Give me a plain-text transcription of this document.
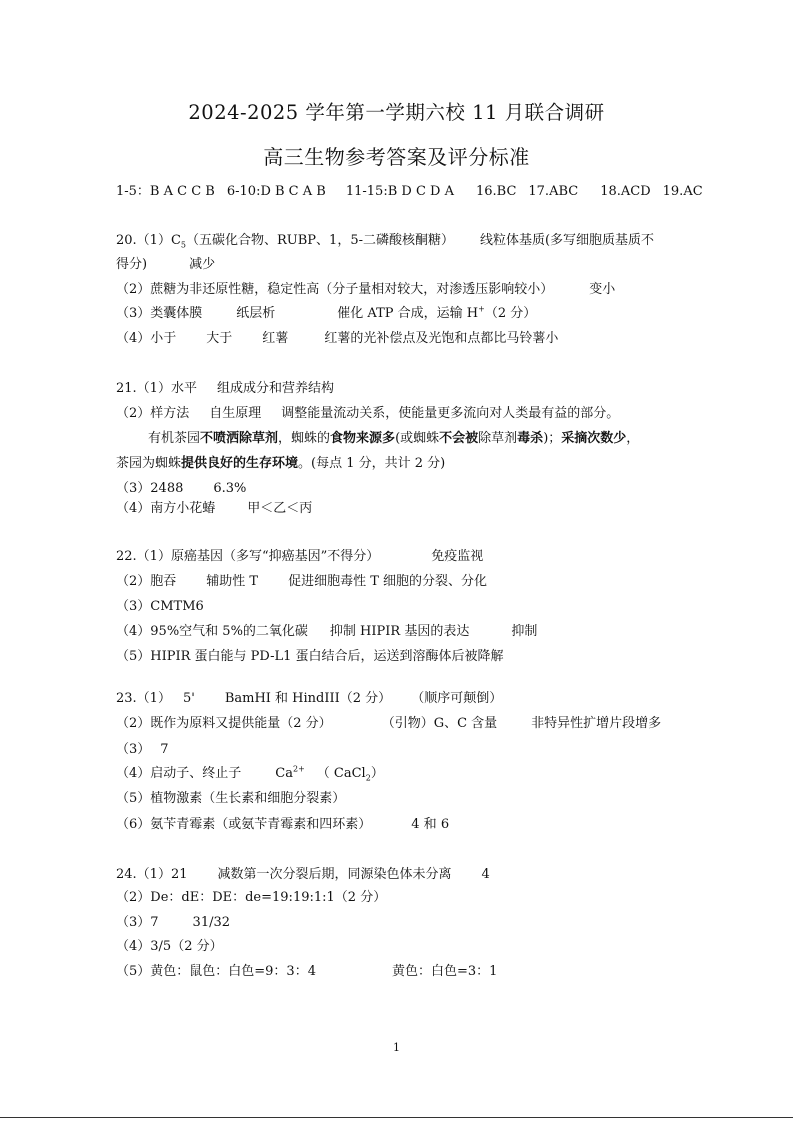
2024-2025 学年第一学期六校 11 月联合调研
高三生物参考答案及评分标准
1-5：B A C C B 6-10:D B C A B 11-15:B D C D A 16.BC 17.ABC 18.ACD 19.AC
$20.(1)C_5$（五碳化合物、RUBP、1，5-二磷酸核酮糖） 线粒体基质(多写细胞质基质不
得分)	减少
（2）蔗糖为非还原性糖，稳定性高（分子量相对较大，对渗透压影响较小）	变小
（3）类囊体膜	纸层析	催化 ATP 合成，运输 H+（2 分）
（4）小于 大于 红薯	红薯的光补偿点及光饱和点都比马铃薯小
21.（1）水平 组成成分和营养结构
（2）样方法 自生原理 调整能量流动关系，使能量更多流向对人类最有益的部分。
有机茶园不喷洒除草剂，蜘蛛的食物来源多(或蜘蛛不会被除草剂毒杀)；采摘次数少，
茶园为蜘蛛提供良好的生存环境。(每点 1 分，共计 2 分)
（3）2488 6.3%
（4）南方小花蝽 甲＜乙＜丙
22.（1）原癌基因（多写“抑癌基因”不得分）	免疫监视
（2）胞吞 辅助性 T 促进细胞毒性 T 细胞的分裂、分化
（3）CMTM6
（4）95%空气和 5%的二氧化碳 抑制 HIPIR 基因的表达	抑制
（5）HIPIR 蛋白能与 PD-L1 蛋白结合后，运送到溶酶体后被降解
23.（1） 5' BamHI 和 HindIII（2 分） （顺序可颠倒）
（2）既作为原料又提供能量（2 分）	（引物）G、C 含量	非特异性扩增片段增多
（3） 7
（4）启动子、终止子	$Ca^{2+}$ （ CaCl$_2$）
（5）植物激素（生长素和细胞分裂素）
（6）氨苄青霉素（或氨苄青霉素和四环素）	4 和 6
24.（1）21 减数第一次分裂后期，同源染色体未分离 4
（2）De：dE：DE：de=19:19:1:1（2 分）
（3）7	31/32
（4）3/5（2 分）
（5）黄色：鼠色：白色=9：3：4	黄色：白色=3：1
1
